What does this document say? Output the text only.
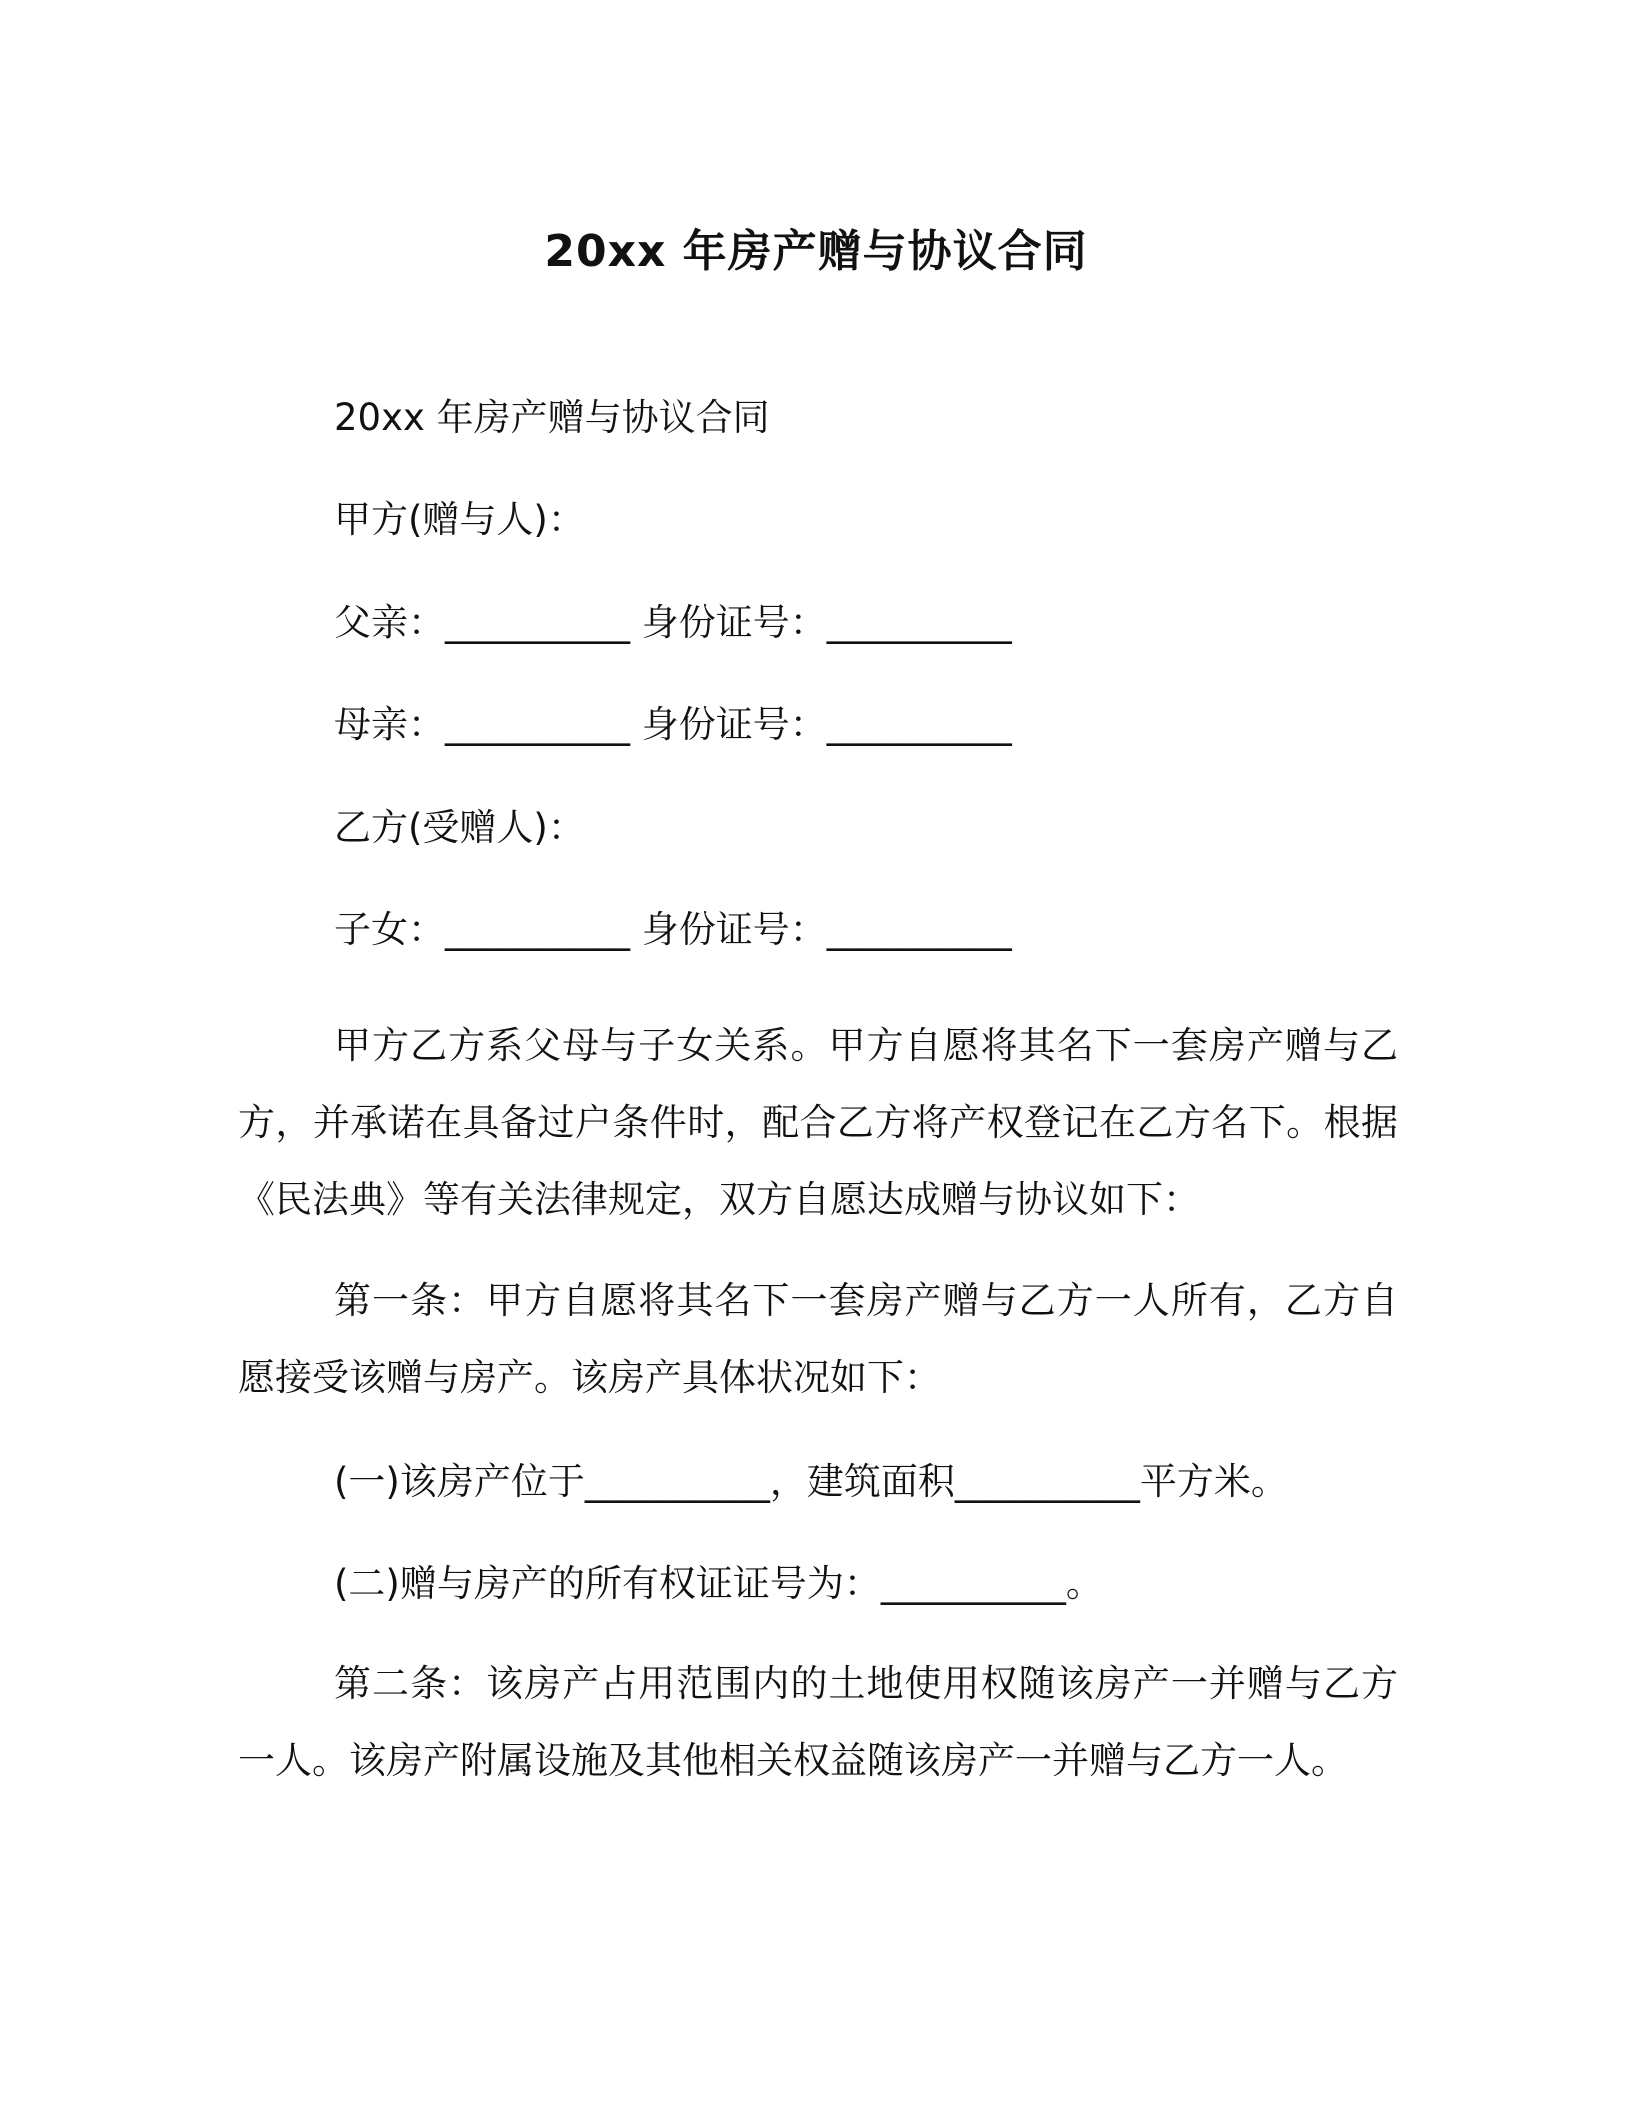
20xx 年房产赠与协议合同
20xx 年房产赠与协议合同
甲方(赠与人)：
父亲：__________ 身份证号：__________
母亲：__________ 身份证号：__________
乙方(受赠人)：
子女：__________ 身份证号：__________
甲方乙方系父母与子女关系。甲方自愿将其名下一套房产赠与乙方，并承诺在具备过户条件时，配合乙方将产权登记在乙方名下。根据《民法典》等有关法律规定，双方自愿达成赠与协议如下：
第一条：甲方自愿将其名下一套房产赠与乙方一人所有，乙方自愿接受该赠与房产。该房产具体状况如下：
(一)该房产位于__________，建筑面积__________平方米。
(二)赠与房产的所有权证证号为：__________。
第二条：该房产占用范围内的土地使用权随该房产一并赠与乙方一人。该房产附属设施及其他相关权益随该房产一并赠与乙方一人。
